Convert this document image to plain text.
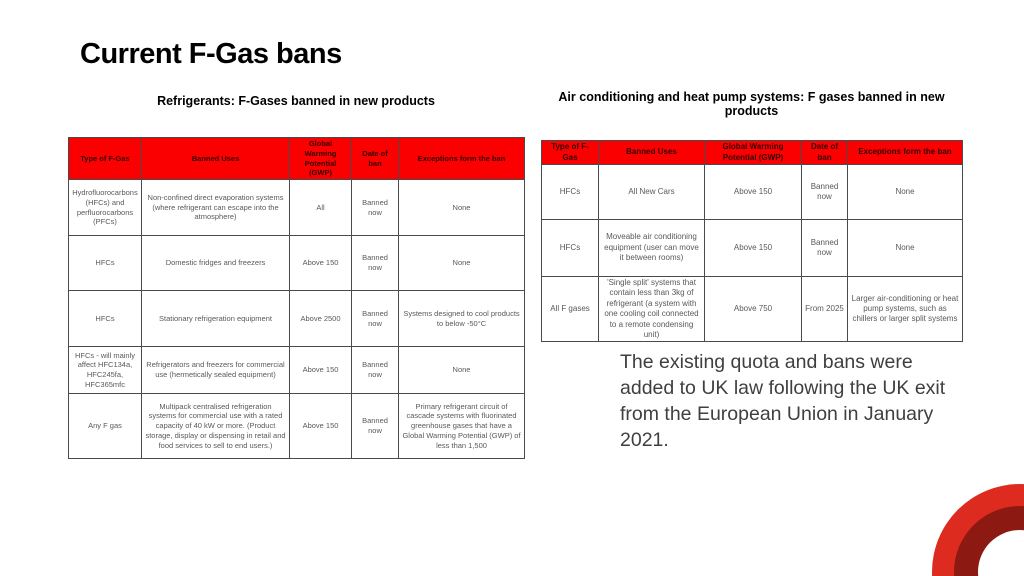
Current F-Gas bans
Refrigerants: F-Gases banned in new products
Type of F-Gas	Banned Uses	Global Warming Potential (GWP)	Date of ban	Exceptions form the ban
Hydrofluorocarbons (HFCs) and perfluorocarbons (PFCs)	Non-confined direct evaporation systems (where refrigerant can escape into the atmosphere)	All	Banned now	None
HFCs	Domestic fridges and freezers	Above 150	Banned now	None
HFCs	Stationary refrigeration equipment	Above 2500	Banned now	Systems designed to cool products to below -50°C
HFCs - will mainly affect HFC134a, HFC245fa, HFC365mfc	Refrigerators and freezers for commercial use (hermetically sealed equipment)	Above 150	Banned now	None
Any F gas	Multipack centralised refrigeration systems for commercial use with a rated capacity of 40 kW or more. (Product storage, display or dispensing in retail and food services to sell to end users.)	Above 150	Banned now	Primary refrigerant circuit of cascade systems with fluorinated greenhouse gases that have a Global Warming Potential (GWP) of less than 1,500
Air conditioning and heat pump systems: F gases banned in new products
Type of F-Gas	Banned Uses	Global Warming Potential (GWP)	Date of ban	Exceptions form the ban
HFCs	All New Cars	Above 150	Banned now	None
HFCs	Moveable air conditioning equipment (user can move it between rooms)	Above 150	Banned now	None
All F gases	'Single split' systems that contain less than 3kg of refrigerant (a system with one cooling coil connected to a remote condensing unit)	Above 750	From 2025	Larger air-conditioning or heat pump systems, such as chillers or larger split systems

The existing quota and bans were added to UK law following the UK exit from the European Union in January 2021.
